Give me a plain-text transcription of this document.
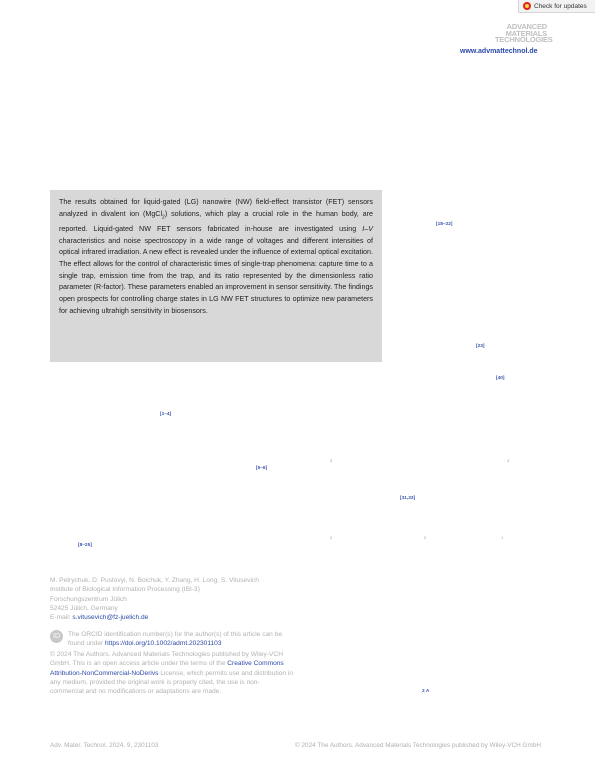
Check for updates
ADVANCED
MATERIALS
TECHNOLOGIES
www.advmattechnol.de
The results obtained for liquid-gated (LG) nanowire (NW) field-effect transistor (FET) sensors analyzed in divalent ion (MgCl$_2$) solutions, which play a crucial role in the human body, are reported. Liquid-gated NW FET sensors fabricated in-house are investigated using I–V characteristics and noise spectroscopy in a wide range of voltages and different intensities of optical infrared irradiation. A new effect is revealed under the influence of external optical excitation. The effect allows for the control of characteristic times of single-trap phenomena: capture time to a single trap, emission time from the trap, and its ratio represented by the dimensionless ratio parameter (R-factor). These parameters enabled an improvement in sensor sensitivity. The findings open prospects for controlling charge states in LG NW FET structures to optimize new parameters for achieving ultrahigh sensitivity in biosensors.
[18–22]
[23]
[40]
[1–4]
[5–6]
[31,33]
[8–25]
3	3
2	2	1
2 A
M. Petrychuk, D. Pustovyi, N. Boichuk, Y. Zhang, H. Long, S. Vitusevich
Institute of Biological Information Processing (IBI-3)
Forschungszentrum Jülich
52425 Jülich, Germany
E-mail: s.vitusevich@fz-juelich.de
ID	The ORCID identification number(s) for the author(s) of this article can be found under https://doi.org/10.1002/admt.202301103
© 2024 The Authors. Advanced Materials Technologies published by Wiley-VCH GmbH. This is an open access article under the terms of the Creative Commons Attribution-NonCommercial-NoDerivs License, which permits use and distribution in any medium, provided the original work is properly cited, the use is non-commercial and no modifications or adaptations are made.
Adv. Mater. Technol. 2024, 9, 2301103	© 2024 The Authors. Advanced Materials Technologies published by Wiley-VCH GmbH
